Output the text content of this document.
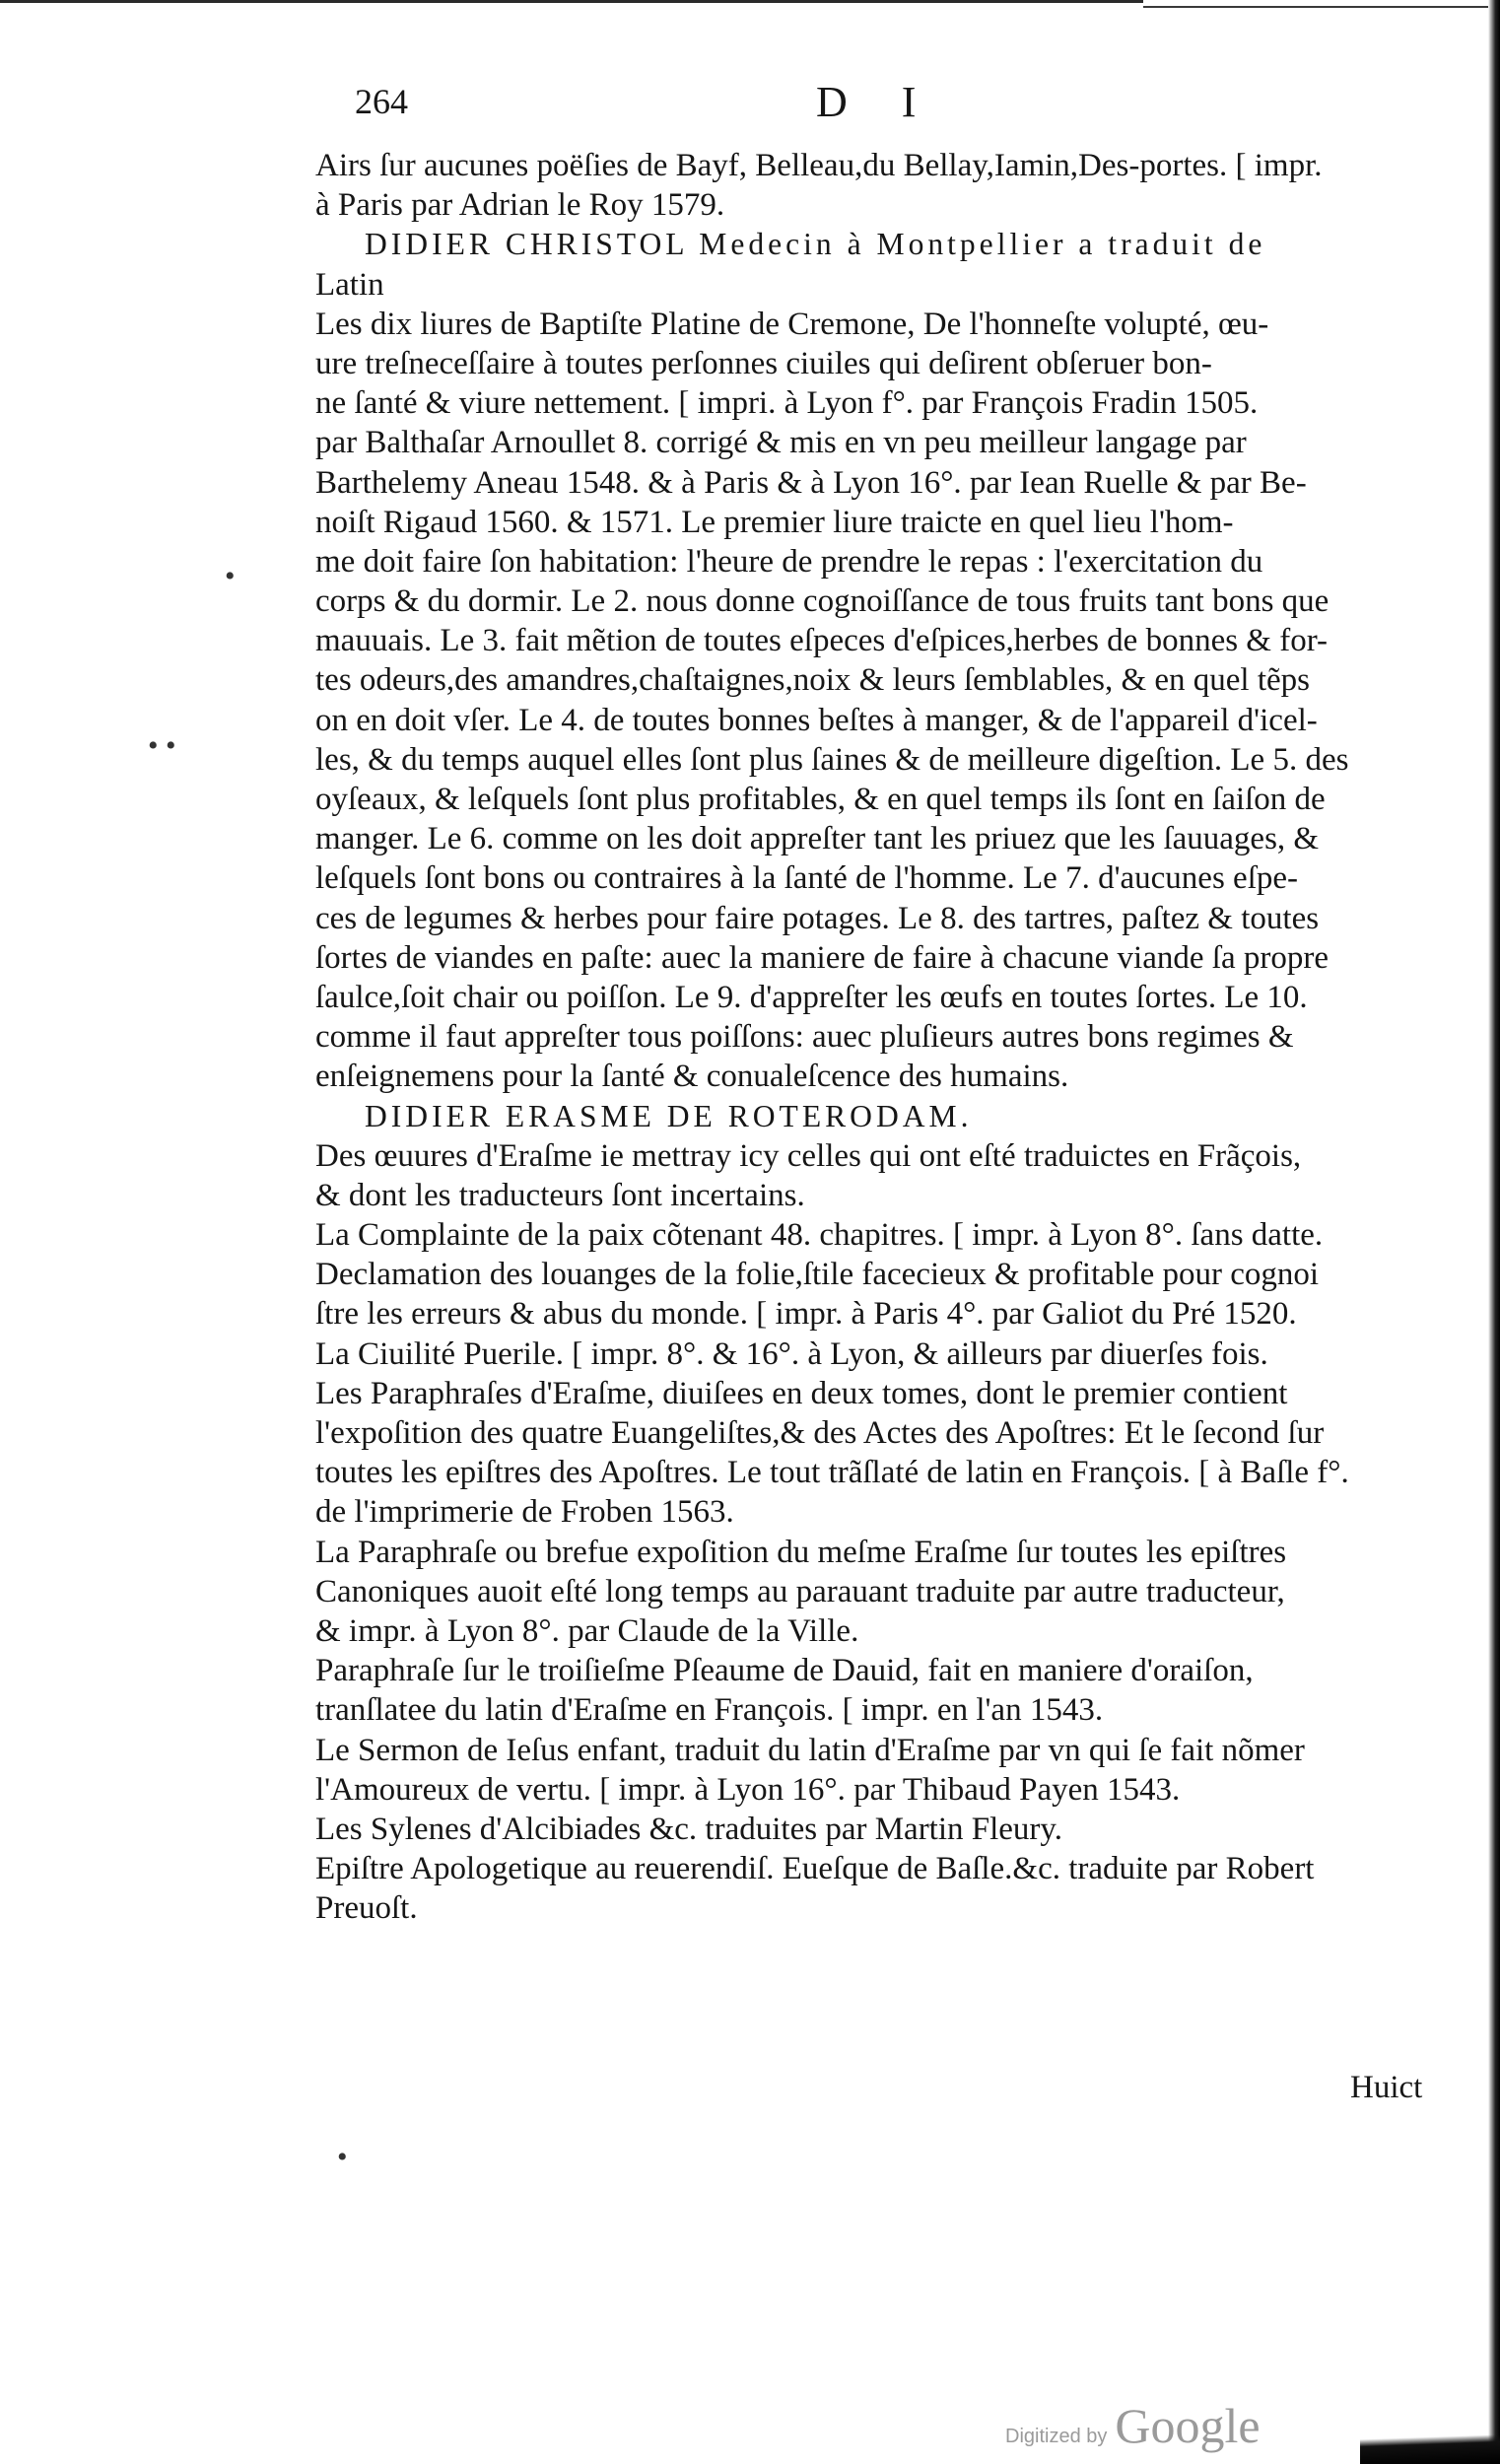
264	D I
Airs ſur aucunes poëſies de Bayf, Belleau,du Bellay,Iamin,Des-portes. [ impr.
à Paris par Adrian le Roy 1579.
DIDIER CHRISTOL Medecin à Montpellier a traduit de
Latin
Les dix liures de Baptiſte Platine de Cremone, De l'honneſte volupté, œu-
ure treſneceſſaire à toutes perſonnes ciuiles qui deſirent obſeruer bon-
ne ſanté & viure nettement. [ impri. à Lyon f°. par François Fradin 1505.
par Balthaſar Arnoullet 8. corrigé & mis en vn peu meilleur langage par
Barthelemy Aneau 1548. & à Paris & à Lyon 16°. par Iean Ruelle & par Be-
noiſt Rigaud 1560. & 1571. Le premier liure traicte en quel lieu l'hom-
me doit faire ſon habitation: l'heure de prendre le repas : l'exercitation du
corps & du dormir. Le 2. nous donne cognoiſſance de tous fruits tant bons que
mauuais. Le 3. fait mẽtion de toutes eſpeces d'eſpices,herbes de bonnes & for-
tes odeurs,des amandres,chaſtaignes,noix & leurs ſemblables, & en quel tẽps
on en doit vſer. Le 4. de toutes bonnes beſtes à manger, & de l'appareil d'icel-
les, & du temps auquel elles ſont plus ſaines & de meilleure digeſtion. Le 5. des
oyſeaux, & leſquels ſont plus profitables, & en quel temps ils ſont en ſaiſon de
manger. Le 6. comme on les doit appreſter tant les priuez que les ſauuages, &
leſquels ſont bons ou contraires à la ſanté de l'homme. Le 7. d'aucunes eſpe-
ces de legumes & herbes pour faire potages. Le 8. des tartres, paſtez & toutes
ſortes de viandes en paſte: auec la maniere de faire à chacune viande ſa propre
ſaulce,ſoit chair ou poiſſon. Le 9. d'appreſter les œufs en toutes ſortes. Le 10.
comme il faut appreſter tous poiſſons: auec pluſieurs autres bons regimes &
enſeignemens pour la ſanté & conualeſcence des humains.
DIDIER ERASME DE ROTERODAM.
Des œuures d'Eraſme ie mettray icy celles qui ont eſté traduictes en Frãçois,
& dont les traducteurs ſont incertains.
La Complainte de la paix cõtenant 48. chapitres. [ impr. à Lyon 8°. ſans datte.
Declamation des louanges de la folie,ſtile facecieux & profitable pour cognoi
ſtre les erreurs & abus du monde. [ impr. à Paris 4°. par Galiot du Pré 1520.
La Ciuilité Puerile. [ impr. 8°. & 16°. à Lyon, & ailleurs par diuerſes fois.
Les Paraphraſes d'Eraſme, diuiſees en deux tomes, dont le premier contient
l'expoſition des quatre Euangeliſtes,& des Actes des Apoſtres: Et le ſecond ſur
toutes les epiſtres des Apoſtres. Le tout trãſlaté de latin en François. [ à Baſle f°.
de l'imprimerie de Froben 1563.
La Paraphraſe ou brefue expoſition du meſme Eraſme ſur toutes les epiſtres
Canoniques auoit eſté long temps au parauant traduite par autre traducteur,
& impr. à Lyon 8°. par Claude de la Ville.
Paraphraſe ſur le troiſieſme Pſeaume de Dauid, fait en maniere d'oraiſon,
tranſlatee du latin d'Eraſme en François. [ impr. en l'an 1543.
Le Sermon de Ieſus enfant, traduit du latin d'Eraſme par vn qui ſe fait nõmer
l'Amoureux de vertu. [ impr. à Lyon 16°. par Thibaud Payen 1543.
Les Sylenes d'Alcibiades &c. traduites par Martin Fleury.
Epiſtre Apologetique au reuerendiſ. Eueſque de Baſle.&c. traduite par Robert
Preuoſt.
•
• •
•
Huict
Digitized by Google
